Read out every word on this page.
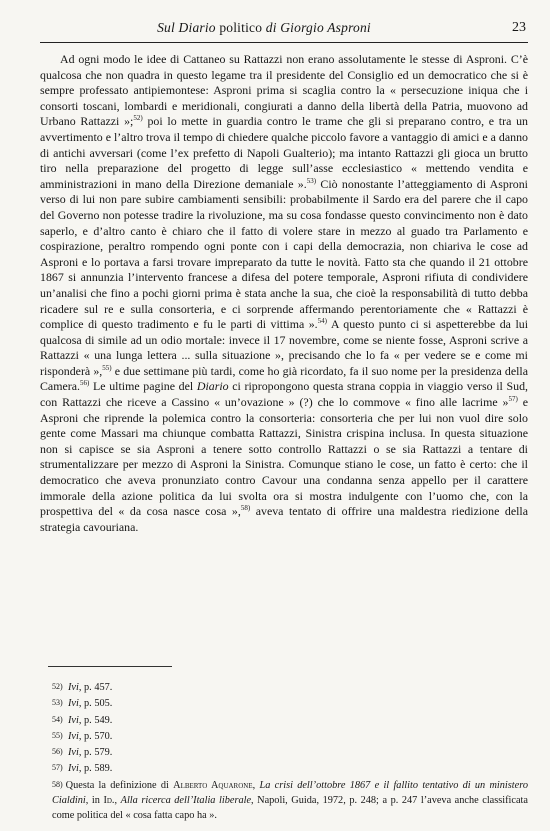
Sul Diario politico di Giorgio Asproni	23

Ad ogni modo le idee di Cattaneo su Rattazzi non erano assolutamente le stesse di Asproni. C’è qualcosa che non quadra in questo legame tra il presidente del Consiglio ed un democratico che si è sempre professato antipiemontese: Asproni prima si scaglia contro la « persecuzione iniqua che i consorti toscani, lombardi e meridionali, congiurati a danno della libertà della Patria, muovono ad Urbano Rattazzi »;$^{52)}$ poi lo mette in guardia contro le trame che gli si preparano contro, e tra un avvertimento e l’altro trova il tempo di chiedere qualche piccolo favore a vantaggio di amici e a danno di antichi avversari (come l’ex prefetto di Napoli Gualterio); ma intanto Rattazzi gli gioca un brutto tiro nella preparazione del progetto di legge sull’asse ecclesiastico « mettendo vendita e amministrazioni in mano della Direzione demaniale ».$^{53)}$ Ciò nonostante l’atteggiamento di Asproni verso di lui non pare subire cambiamenti sensibili: probabilmente il Sardo era del parere che il capo del Governo non potesse tradire la rivoluzione, ma su cosa fondasse questo convincimento non è dato saperlo, e d’altro canto è chiaro che il fatto di volere stare in mezzo al guado tra Parlamento e cospirazione, peraltro rompendo ogni ponte con i capi della democrazia, non chiariva le cose ad Asproni e lo portava a farsi trovare impreparato da tutte le novità. Fatto sta che quando il 21 ottobre 1867 si annunzia l’intervento francese a difesa del potere temporale, Asproni rifiuta di condividere un’analisi che fino a pochi giorni prima è stata anche la sua, che cioè la responsabilità di tutto debba ricadere sul re e sulla consorteria, e ci sorprende affermando perentoriamente che « Rattazzi è complice di questo tradimento e fu le parti di vittima ».$^{54)}$ A questo punto ci si aspetterebbe da lui qualcosa di simile ad un odio mortale: invece il 17 novembre, come se niente fosse, Asproni scrive a Rattazzi « una lunga lettera ... sulla situazione », precisando che lo fa « per vedere se e come mi risponderà »,$^{55)}$ e due settimane più tardi, come ho già ricordato, fa il suo nome per la presidenza della Camera.$^{56)}$ Le ultime pagine del Diario ci ripropongono questa strana coppia in viaggio verso il Sud, con Rattazzi che riceve a Cassino « un’ovazione » (?) che lo commove « fino alle lacrime »$^{57)}$ e Asproni che riprende la polemica contro la consorteria: consorteria che per lui non vuol dire solo gente come Massari ma chiunque combatta Rattazzi, Sinistra crispina inclusa. In questa situazione non si capisce se sia Asproni a tenere sotto controllo Rattazzi o se sia Rattazzi a tentare di strumentalizzare per mezzo di Asproni la Sinistra. Comunque stiano le cose, un fatto è certo: che il democratico che aveva pronunziato contro Cavour una condanna senza appello per il carattere immorale della azione politica da lui svolta ora si mostra indulgente con l’uomo che, con la prospettiva del « da cosa nasce cosa »,$^{58)}$ aveva tentato di offrire una maldestra riedizione della strategia cavouriana.

52) Ivi, p. 457.
53) Ivi, p. 505.
54) Ivi, p. 549.
55) Ivi, p. 570.
56) Ivi, p. 579.
57) Ivi, p. 589.
58) Questa la definizione di Alberto Aquarone, La crisi dell’ottobre 1867 e il fallito tentativo di un ministero Cialdini, in Id., Alla ricerca dell’Italia liberale, Napoli, Guida, 1972, p. 248; a p. 247 l’aveva anche classificata come politica del « cosa fatta capo ha ».
